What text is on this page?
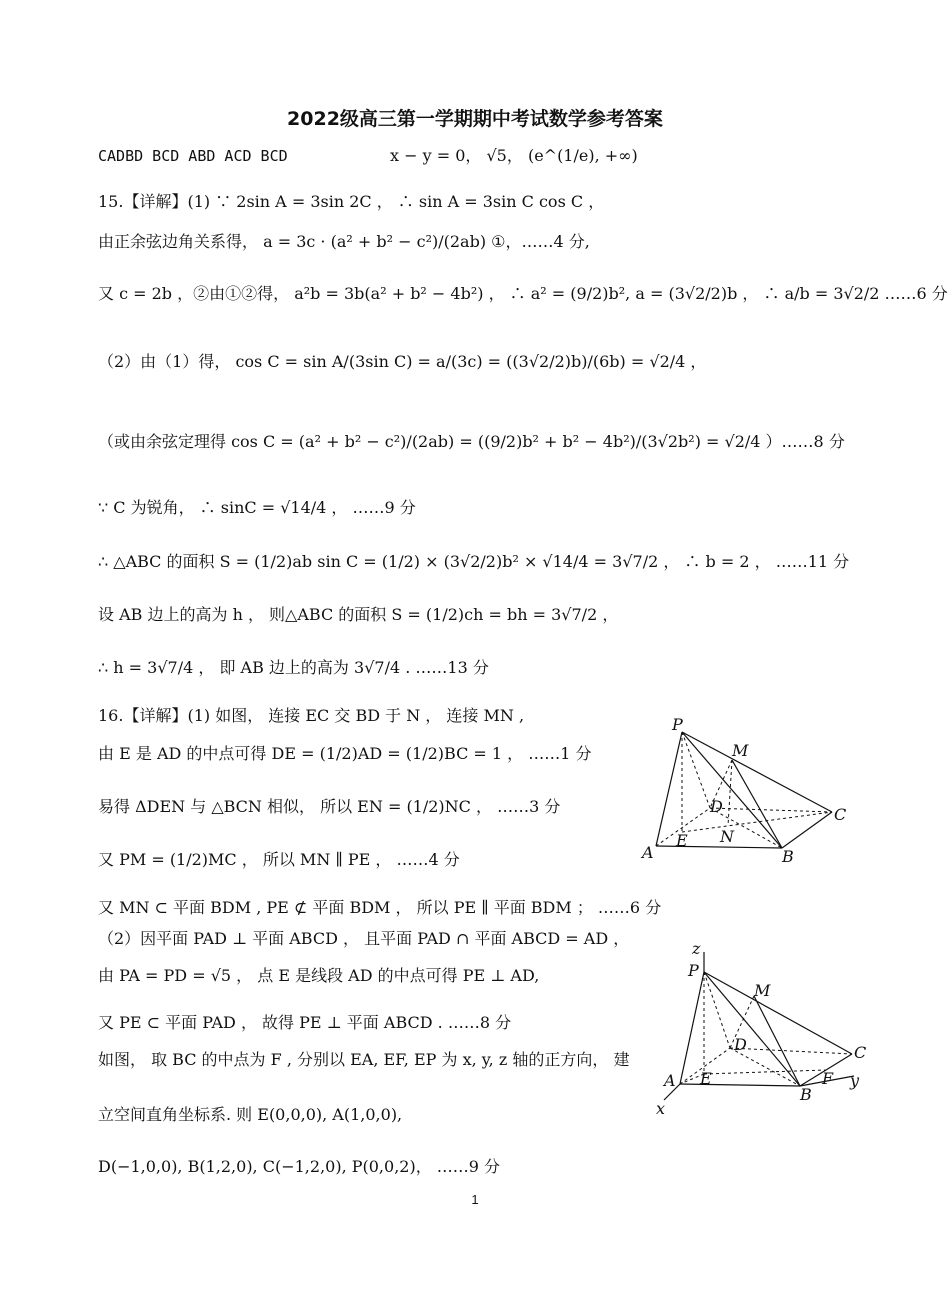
2022级高三第一学期期中考试数学参考答案
CADBD BCD ABD ACD BCD	x − y = 0， √5， (e^(1/e), +∞)
15.【详解】(1) ∵ 2sin A = 3sin 2C ， ∴ sin A = 3sin C cos C ，
由正余弦边角关系得， a = 3c · (a² + b² − c²)/(2ab) ①，……4 分,
又 c = 2b ，②由①②得， a²b = 3b(a² + b² − 4b²) ， ∴ a² = (9/2)b², a = (3√2/2)b ， ∴ a/b = 3√2/2 ……6 分
（2）由（1）得， cos C = sin A/(3sin C) = a/(3c) = ((3√2/2)b)/(6b) = √2/4 ，
（或由余弦定理得 cos C = (a² + b² − c²)/(2ab) = ((9/2)b² + b² − 4b²)/(3√2b²) = √2/4 ）……8 分
∵ C 为锐角， ∴ sinC = √14/4 ， ……9 分
∴ △ABC 的面积 S = (1/2)ab sin C = (1/2) × (3√2/2)b² × √14/4 = 3√7/2 ， ∴ b = 2 ， ……11 分
设 AB 边上的高为 h ， 则△ABC 的面积 S = (1/2)ch = bh = 3√7/2 ，
∴ h = 3√7/4 ， 即 AB 边上的高为 3√7/4 . ……13 分
16.【详解】(1) 如图， 连接 EC 交 BD 于 N ， 连接 MN ,
由 E 是 AD 的中点可得 DE = (1/2)AD = (1/2)BC = 1 ， ……1 分
易得 ΔDEN 与 △BCN 相似， 所以 EN = (1/2)NC ， ……3 分
又 PM = (1/2)MC ， 所以 MN ∥ PE ， ……4 分
又 MN ⊂ 平面 BDM , PE ⊄ 平面 BDM ， 所以 PE ∥ 平面 BDM ； ……6 分
（2）因平面 PAD ⊥ 平面 ABCD ， 且平面 PAD ∩ 平面 ABCD = AD ，
由 PA = PD = √5 ， 点 E 是线段 AD 的中点可得 PE ⊥ AD,
又 PE ⊂ 平面 PAD ， 故得 PE ⊥ 平面 ABCD . ……8 分
如图， 取 BC 的中点为 F , 分别以 EA, EF, EP 为 x, y, z 轴的正方向， 建
立空间直角坐标系. 则 E(0,0,0), A(1,0,0),
D(−1,0,0), B(1,2,0), C(−1,2,0), P(0,0,2)， ……9 分
P
M
D	C
E N
A	B
z
P
M
D	C
E	F y
A
B
x
1
